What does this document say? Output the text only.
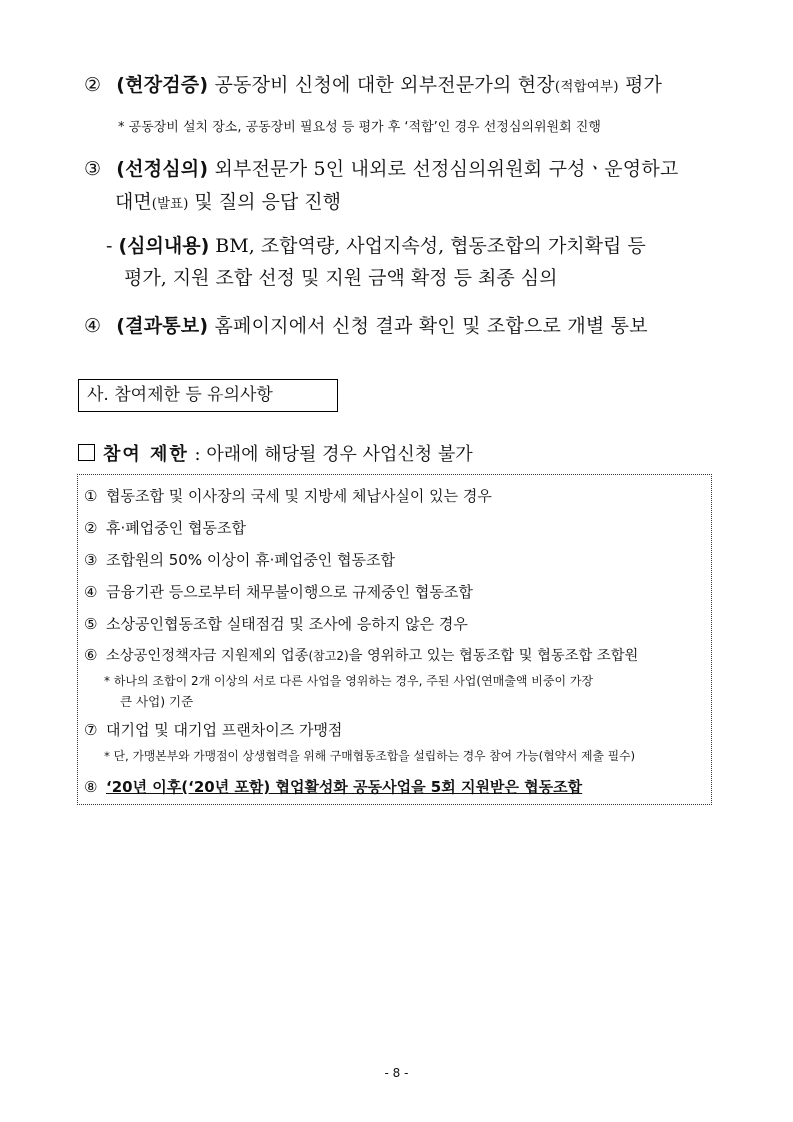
② (현장검증) 공동장비 신청에 대한 외부전문가의 현장(적합여부) 평가
* 공동장비 설치 장소, 공동장비 필요성 등 평가 후 ‘적합’인 경우 선정심의위원회 진행
③ (선정심의) 외부전문가 5인 내외로 선정심의위원회 구성ㆍ운영하고
대면(발표) 및 질의 응답 진행
- (심의내용) BM, 조합역량, 사업지속성, 협동조합의 가치확립 등
평가, 지원 조합 선정 및 지원 금액 확정 등 최종 심의
④ (결과통보) 홈페이지에서 신청 결과 확인 및 조합으로 개별 통보
사. 참여제한 등 유의사항
참여 제한 : 아래에 해당될 경우 사업신청 불가
① 협동조합 및 이사장의 국세 및 지방세 체납사실이 있는 경우
② 휴·폐업중인 협동조합
③ 조합원의 50% 이상이 휴·폐업중인 협동조합
④ 금융기관 등으로부터 채무불이행으로 규제중인 협동조합
⑤ 소상공인협동조합 실태점검 및 조사에 응하지 않은 경우
⑥ 소상공인정책자금 지원제외 업종(참고2)을 영위하고 있는 협동조합 및 협동조합 조합원
* 하나의 조합이 2개 이상의 서로 다른 사업을 영위하는 경우, 주된 사업(연매출액 비중이 가장
큰 사업) 기준
⑦ 대기업 및 대기업 프랜차이즈 가맹점
* 단, 가맹본부와 가맹점이 상생협력을 위해 구매협동조합을 설립하는 경우 참여 가능(협약서 제출 필수)
⑧ ‘20년 이후(‘20년 포함) 협업활성화 공동사업을 5회 지원받은 협동조합
- 8 -
